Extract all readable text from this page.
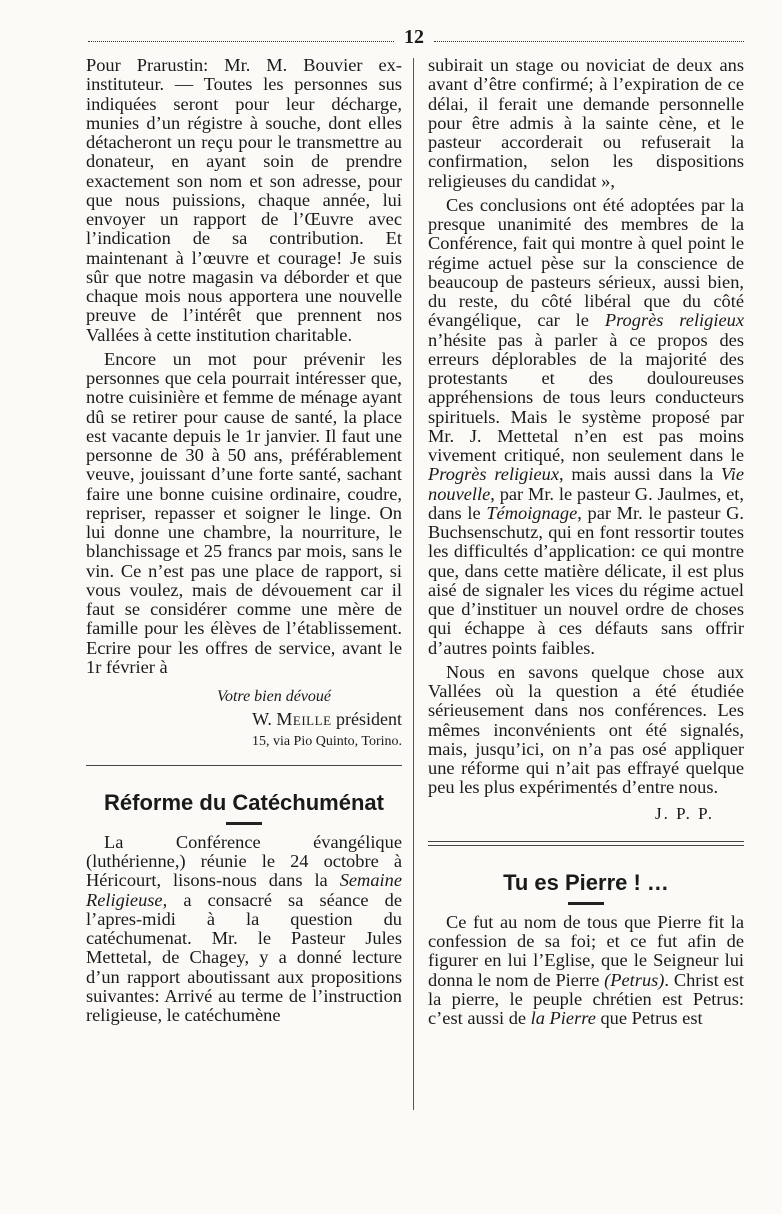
12

Pour Prarustin: Mr. M. Bouvier ex-instituteur. — Toutes les personnes sus indiquées seront pour leur décharge, munies d’un régistre à souche, dont elles détacheront un reçu pour le transmettre au donateur, en ayant soin de prendre exactement son nom et son adresse, pour que nous puissions, chaque année, lui envoyer un rapport de l’Œuvre avec l’indication de sa contribution. Et maintenant à l’œuvre et courage! Je suis sûr que notre magasin va déborder et que chaque mois nous apportera une nouvelle preuve de l’intérêt que prennent nos Vallées à cette institution charitable.

Encore un mot pour prévenir les personnes que cela pourrait intéresser que, notre cuisinière et femme de ménage ayant dû se retirer pour cause de santé, la place est vacante depuis le 1r janvier. Il faut une personne de 30 à 50 ans, préférablement veuve, jouissant d’une forte santé, sachant faire une bonne cuisine ordinaire, coudre, repriser, repasser et soigner le linge. On lui donne une chambre, la nourriture, le blanchissage et 25 francs par mois, sans le vin. Ce n’est pas une place de rapport, si vous voulez, mais de dévouement car il faut se considérer comme une mère de famille pour les élèves de l’établissement. Ecrire pour les offres de service, avant le 1r février à

Votre bien dévoué
W. Meille président
15, via Pio Quinto, Torino.
Réforme du Catéchuménat

La Conférence évangélique (luthérienne,) réunie le 24 octobre à Héricourt, lisons-nous dans la Semaine Religieuse, a consacré sa séance de l’apres-midi à la question du catéchumenat. Mr. le Pasteur Jules Mettetal, de Chagey, y a donné lecture d’un rapport aboutissant aux propositions suivantes: Arrivé au terme de l’instruction religieuse, le catéchumène

subirait un stage ou noviciat de deux ans avant d’être confirmé; à l’expiration de ce délai, il ferait une demande personnelle pour être admis à la sainte cène, et le pasteur accorderait ou refuserait la confirmation, selon les dispositions religieuses du candidat »,

Ces conclusions ont été adoptées par la presque unanimité des membres de la Conférence, fait qui montre à quel point le régime actuel pèse sur la conscience de beaucoup de pasteurs sérieux, aussi bien, du reste, du côté libéral que du côté évangélique, car le Progrès religieux n’hésite pas à parler à ce propos des erreurs déplorables de la majorité des protestants et des douloureuses appréhensions de tous leurs conducteurs spirituels. Mais le système proposé par Mr. J. Mettetal n’en est pas moins vivement critiqué, non seulement dans le Progrès religieux, mais aussi dans la Vie nouvelle, par Mr. le pasteur G. Jaulmes, et, dans le Témoignage, par Mr. le pasteur G. Buchsenschutz, qui en font ressortir toutes les difficultés d’application: ce qui montre que, dans cette matière délicate, il est plus aisé de signaler les vices du régime actuel que d’instituer un nouvel ordre de choses qui échappe à ces défauts sans offrir d’autres points faibles.

Nous en savons quelque chose aux Vallées où la question a été étudiée sérieusement dans nos conférences. Les mêmes inconvénients ont été signalés, mais, jusqu’ici, on n’a pas osé appliquer une réforme qui n’ait pas effrayé quelque peu les plus expérimentés d’entre nous.

J. P. P.
Tu es Pierre ! …

Ce fut au nom de tous que Pierre fit la confession de sa foi; et ce fut afin de figurer en lui l’Eglise, que le Seigneur lui donna le nom de Pierre (Petrus). Christ est la pierre, le peuple chrétien est Petrus: c’est aussi de la Pierre que Petrus est
